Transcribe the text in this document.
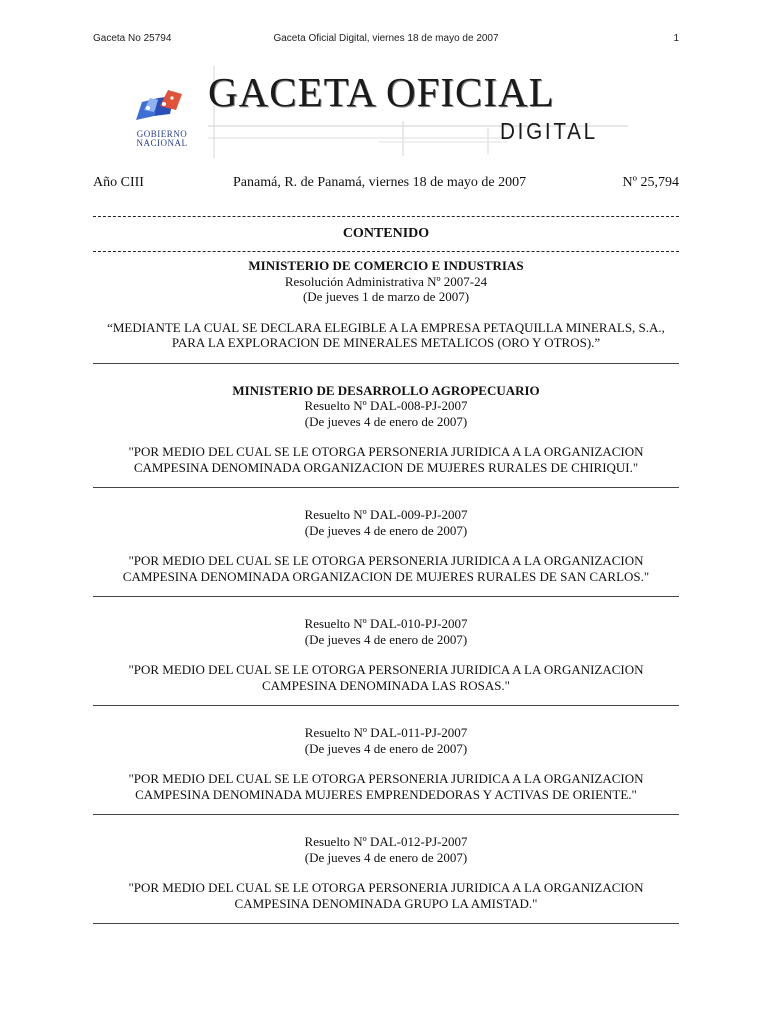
Gaceta No 25794	Gaceta Oficial Digital, viernes 18 de mayo de 2007	1
GOBIERNO
NACIONAL
GACETA OFICIAL
DIGITAL
Año CIII	Panamá, R. de Panamá, viernes 18 de mayo de 2007	Nº 25,794
CONTENIDO
MINISTERIO DE COMERCIO E INDUSTRIAS
Resolución Administrativa Nº 2007-24
(De jueves 1 de marzo de 2007)
“MEDIANTE LA CUAL SE DECLARA ELEGIBLE A LA EMPRESA PETAQUILLA MINERALS, S.A., PARA LA EXPLORACION DE MINERALES METALICOS (ORO Y OTROS).”
MINISTERIO DE DESARROLLO AGROPECUARIO
Resuelto Nº DAL-008-PJ-2007
(De jueves 4 de enero de 2007)
"POR MEDIO DEL CUAL SE LE OTORGA PERSONERIA JURIDICA A LA ORGANIZACION CAMPESINA DENOMINADA ORGANIZACION DE MUJERES RURALES DE CHIRIQUI."
Resuelto Nº DAL-009-PJ-2007
(De jueves 4 de enero de 2007)
"POR MEDIO DEL CUAL SE LE OTORGA PERSONERIA JURIDICA A LA ORGANIZACION CAMPESINA DENOMINADA ORGANIZACION DE MUJERES RURALES DE SAN CARLOS."
Resuelto Nº DAL-010-PJ-2007
(De jueves 4 de enero de 2007)
"POR MEDIO DEL CUAL SE LE OTORGA PERSONERIA JURIDICA A LA ORGANIZACION CAMPESINA DENOMINADA LAS ROSAS."
Resuelto Nº DAL-011-PJ-2007
(De jueves 4 de enero de 2007)
"POR MEDIO DEL CUAL SE LE OTORGA PERSONERIA JURIDICA A LA ORGANIZACION CAMPESINA DENOMINADA MUJERES EMPRENDEDORAS Y ACTIVAS DE ORIENTE."
Resuelto Nº DAL-012-PJ-2007
(De jueves 4 de enero de 2007)
"POR MEDIO DEL CUAL SE LE OTORGA PERSONERIA JURIDICA A LA ORGANIZACION CAMPESINA DENOMINADA GRUPO LA AMISTAD."
